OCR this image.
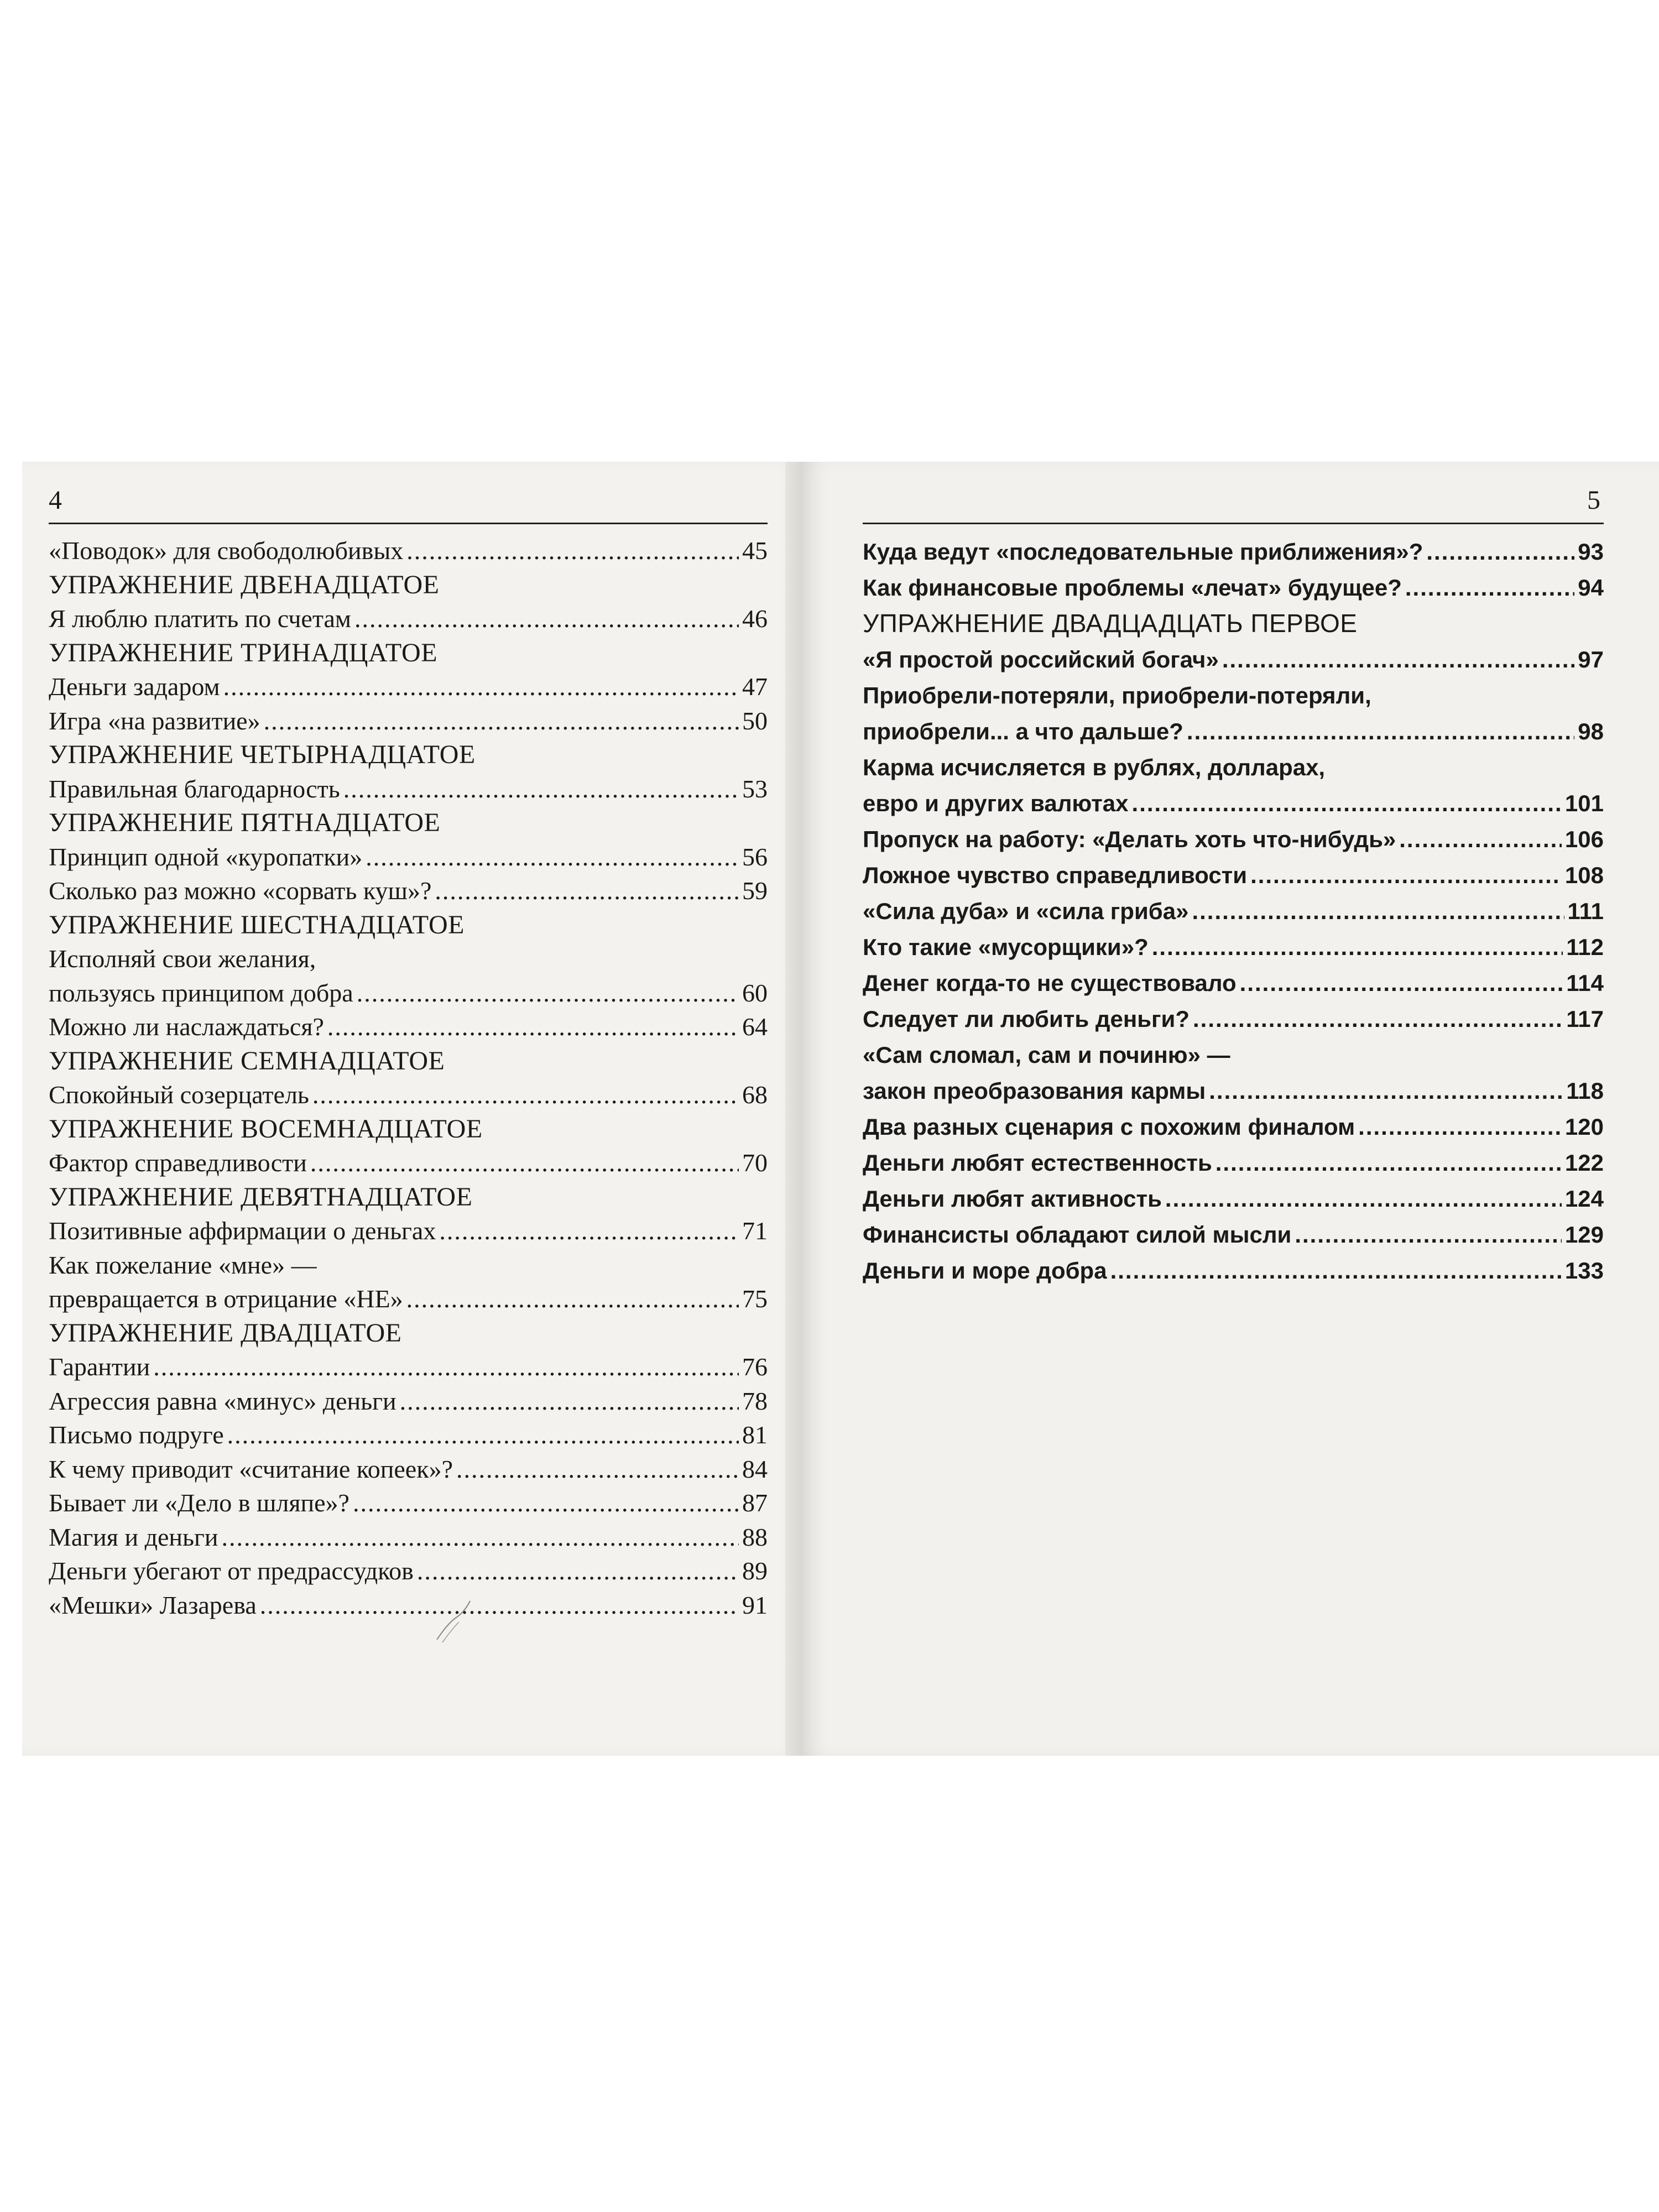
4
«Поводок» для свободолюбивых .....	45
УПРАЖНЕНИЕ ДВЕНАДЦАТОЕ
Я люблю платить по счетам .....	46
УПРАЖНЕНИЕ ТРИНАДЦАТОЕ
Деньги задаром .....	47
Игра «на развитие» .....	50
УПРАЖНЕНИЕ ЧЕТЫРНАДЦАТОЕ
Правильная благодарность .....	53
УПРАЖНЕНИЕ ПЯТНАДЦАТОЕ
Принцип одной «куропатки» .....	56
Сколько раз можно «сорвать куш»? .....	59
УПРАЖНЕНИЕ ШЕСТНАДЦАТОЕ
Исполняй свои желания,
пользуясь принципом добра .....	60
Можно ли наслаждаться? .....	64
УПРАЖНЕНИЕ СЕМНАДЦАТОЕ
Спокойный созерцатель .....	68
УПРАЖНЕНИЕ ВОСЕМНАДЦАТОЕ
Фактор справедливости .....	70
УПРАЖНЕНИЕ ДЕВЯТНАДЦАТОЕ
Позитивные аффирмации о деньгах .....	71
Как пожелание «мне» —
превращается в отрицание «НЕ» .....	75
УПРАЖНЕНИЕ ДВАДЦАТОЕ
Гарантии .....	76
Агрессия равна «минус» деньги .....	78
Письмо подруге .....	81
К чему приводит «считание копеек»? .....	84
Бывает ли «Дело в шляпе»? .....	87
Магия и деньги .....	88
Деньги убегают от предрассудков .....	89
«Мешки» Лазарева .....	91
5
Куда ведут «последовательные приближения»? .....	93
Как финансовые проблемы «лечат» будущее? .....	94
УПРАЖНЕНИЕ ДВАДЦАДЦАТЬ ПЕРВОЕ
«Я простой российский богач» .....	97
Приобрели-потеряли, приобрели-потеряли,
приобрели... а что дальше? .....	98
Карма исчисляется в рублях, долларах,
евро и других валютах .....	101
Пропуск на работу: «Делать хоть что-нибудь» .....	106
Ложное чувство справедливости .....	108
«Сила дуба» и «сила гриба» .....	111
Кто такие «мусорщики»? .....	112
Денег когда-то не существовало .....	114
Следует ли любить деньги? .....	117
«Сам сломал, сам и починю» —
закон преобразования кармы .....	118
Два разных сценария с похожим финалом .....	120
Деньги любят естественность .....	122
Деньги любят активность .....	124
Финансисты обладают силой мысли .....	129
Деньги и море добра .....	133
